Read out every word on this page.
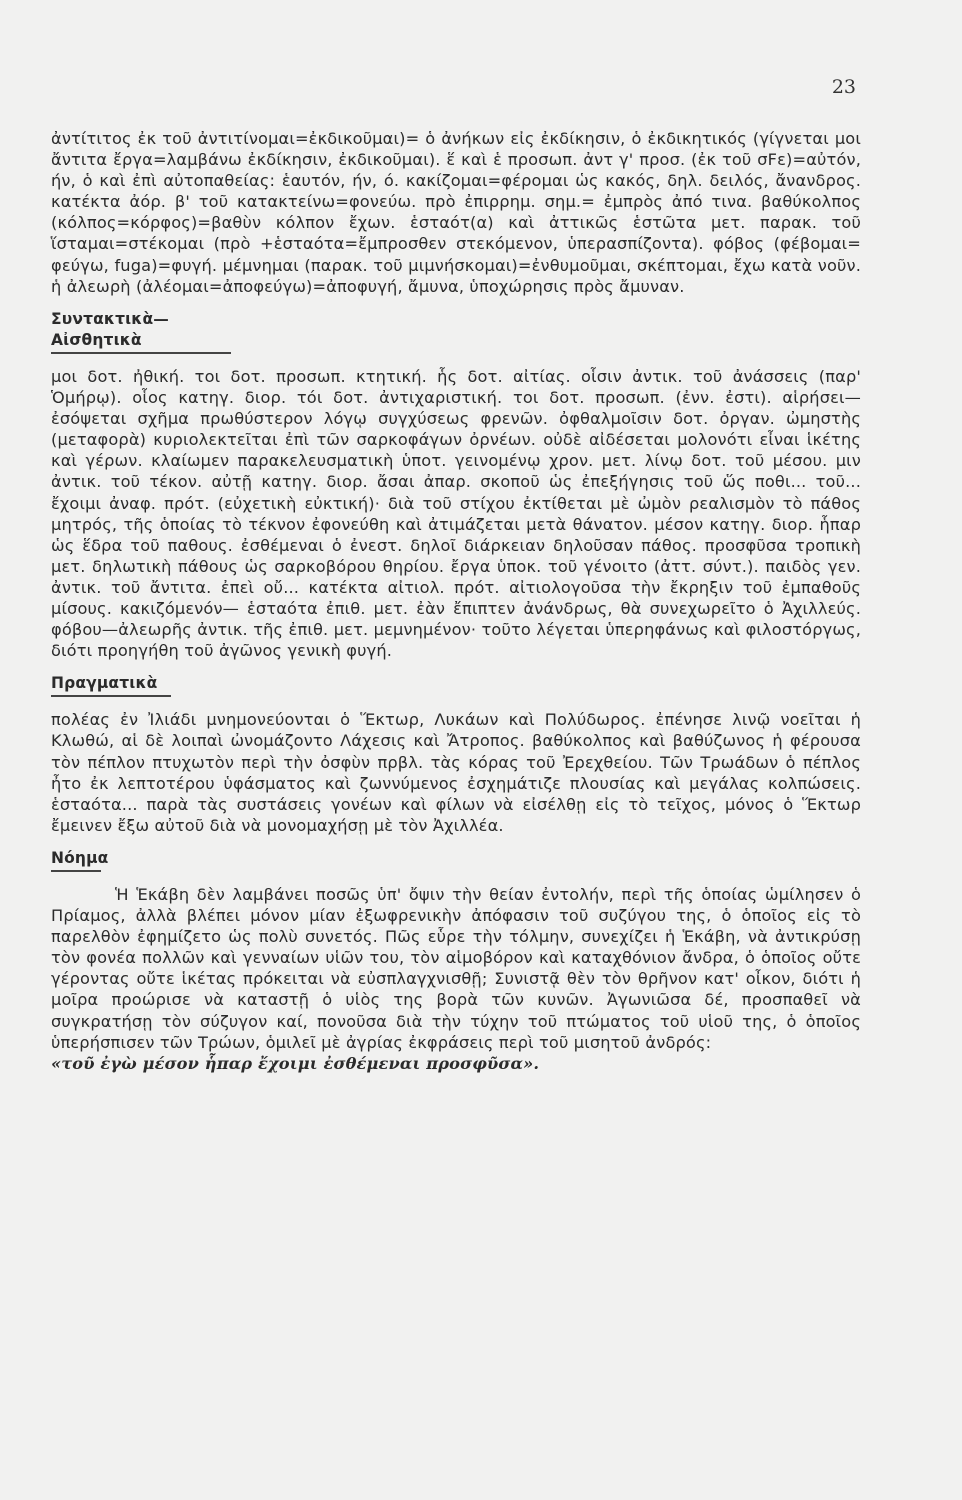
23

ἀντίτιτος ἐκ τοῦ ἀντιτίνομαι=ἐκδικοῦμαι)= ὁ ἀνήκων εἰς ἐκδίκησιν, ὁ ἐκδικητικός (γίγνεται μοι ἄντιτα ἔργα=λαμβάνω ἐκδίκησιν, ἐκδικοῦμαι). ἕ καὶ ἑ προσωπ. ἀντ γ' προσ. (ἐκ τοῦ σFε)=αὐτόν, ήν, ὁ καὶ ἐπὶ αὐτοπαθείας: ἑαυτόν, ήν, ό. κακίζομαι=φέρομαι ὡς κακός, δηλ. δειλός, ἄνανδρος. κατέκτα ἀόρ. β' τοῦ κατακτείνω=φονεύω. πρὸ ἐπιρρημ. σημ.= ἐμπρὸς ἀπό τινα. βαθύκολπος (κόλπος=κόρφος)=βαθὺν κόλπον ἔχων. ἑσταότ(α) καὶ ἀττικῶς ἑστῶτα μετ. παρακ. τοῦ ἵσταμαι=στέκομαι (πρὸ +ἑσταότα=ἔμπροσθεν στεκόμενον, ὑπερασπίζοντα). φόβος (φέβομαι= φεύγω, fuga)=φυγή. μέμνημαι (παρακ. τοῦ μιμνήσκομαι)=ἐνθυμοῦμαι, σκέπτομαι, ἔχω κατὰ νοῦν. ἡ ἀλεωρὴ (ἀλέομαι=ἀποφεύγω)=ἀποφυγή, ἄμυνα, ὑποχώρησις πρὸς ἄμυναν.

Συντακτικὰ—Αἰσθητικὰ

μοι δοτ. ἠθική. τοι δοτ. προσωπ. κτητική. ἧς δοτ. αἰτίας. οἷσιν ἀντικ. τοῦ ἀνάσσεις (παρ' Ὁμήρῳ). οἷος κατηγ. διορ. τόι δοτ. ἀντιχαριστική. τοι δοτ. προσωπ. (ἐνν. ἐστι). αἱρήσει—ἐσόψεται σχῆμα πρωθύστερον λόγῳ συγχύσεως φρενῶν. ὀφθαλμοῖσιν δοτ. ὀργαν. ὠμηστὴς (μεταφορὰ) κυριολεκτεῖται ἐπὶ τῶν σαρκοφάγων ὀρνέων. οὐδὲ αἰδέσεται μολονότι εἶναι ἱκέτης καὶ γέρων. κλαίωμεν παρακελευσματικὴ ὑποτ. γεινομένῳ χρον. μετ. λίνῳ δοτ. τοῦ μέσου. μιν ἀντικ. τοῦ τέκον. αὐτῇ κατηγ. διορ. ἄσαι ἀπαρ. σκοποῦ ὡς ἐπεξήγησις τοῦ ὥς ποθι... τοῦ... ἔχοιμι ἀναφ. πρότ. (εὐχετικὴ εὐκτική)· διὰ τοῦ στίχου ἐκτίθεται μὲ ὠμὸν ρεαλισμὸν τὸ πάθος μητρός, τῆς ὁποίας τὸ τέκνον ἐφονεύθη καὶ ἀτιμάζεται μετὰ θάνατον. μέσον κατηγ. διορ. ἧπαρ ὡς ἕδρα τοῦ παθους. ἐσθέμεναι ὁ ἐνεστ. δηλοῖ διάρκειαν δηλοῦσαν πάθος. προσφῦσα τροπικὴ μετ. δηλωτικὴ πάθους ὡς σαρκοβόρου θηρίου. ἔργα ὑποκ. τοῦ γένοιτο (ἀττ. σύντ.). παιδὸς γεν. ἀντικ. τοῦ ἄντιτα. ἐπεὶ οὔ... κατέκτα αἰτιολ. πρότ. αἰτιολογοῦσα τὴν ἔκρηξιν τοῦ ἐμπαθοῦς μίσους. κακιζόμενόν— ἑσταότα ἐπιθ. μετ. ἐὰν ἔπιπτεν ἀνάνδρως, θὰ συνεχωρεῖτο ὁ Ἀχιλλεύς. φόβου—ἀλεωρῆς ἀντικ. τῆς ἐπιθ. μετ. μεμνημένον· τοῦτο λέγεται ὑπερηφάνως καὶ φιλοστόργως, διότι προηγήθη τοῦ ἀγῶνος γενικὴ φυγή.

Πραγματικὰ

πολέας ἐν Ἰλιάδι μνημονεύονται ὁ Ἕκτωρ, Λυκάων καὶ Πολύδωρος. ἐπένησε λινῷ νοεῖται ἡ Κλωθώ, αἱ δὲ λοιπαὶ ὠνομάζοντο Λάχεσις καὶ Ἄτροπος. βαθύκολπος καὶ βαθύζωνος ἡ φέρουσα τὸν πέπλον πτυχωτὸν περὶ τὴν ὀσφὺν πρβλ. τὰς κόρας τοῦ Ἐρεχθείου. Τῶν Τρωάδων ὁ πέπλος ἦτο ἐκ λεπτοτέρου ὑφάσματος καὶ ζωννύμενος ἐσχημάτιζε πλουσίας καὶ μεγάλας κολπώσεις. ἑσταότα... παρὰ τὰς συστάσεις γονέων καὶ φίλων νὰ εἰσέλθῃ εἰς τὸ τεῖχος, μόνος ὁ Ἕκτωρ ἔμεινεν ἔξω αὐτοῦ διὰ νὰ μονομαχήσῃ μὲ τὸν Ἀχιλλέα.

Νόημα

Ἡ Ἑκάβη δὲν λαμβάνει ποσῶς ὑπ' ὄψιν τὴν θείαν ἐντολήν, περὶ τῆς ὁποίας ὡμίλησεν ὁ Πρίαμος, ἀλλὰ βλέπει μόνον μίαν ἐξωφρενικὴν ἀπόφασιν τοῦ συζύγου της, ὁ ὁποῖος εἰς τὸ παρελθὸν ἐφημίζετο ὡς πολὺ συνετός. Πῶς εὗρε τὴν τόλμην, συνεχίζει ἡ Ἑκάβη, νὰ ἀντικρύσῃ τὸν φονέα πολλῶν καὶ γενναίων υἱῶν του, τὸν αἱμοβόρον καὶ καταχθόνιον ἄνδρα, ὁ ὁποῖος οὔτε γέροντας οὔτε ἱκέτας πρόκειται νὰ εὐσπλαγχνισθῇ; Συνιστᾷ θὲν τὸν θρῆνον κατ' οἶκον, διότι ἡ μοῖρα προώρισε νὰ καταστῇ ὁ υἱὸς της βορὰ τῶν κυνῶν. Ἀγωνιῶσα δέ, προσπαθεῖ νὰ συγκρατήσῃ τὸν σύζυγον καί, πονοῦσα διὰ τὴν τύχην τοῦ πτώματος τοῦ υἱοῦ της, ὁ ὁποῖος ὑπερήσπισεν τῶν Τρώων, ὁμιλεῖ μὲ ἀγρίας ἐκφράσεις περὶ τοῦ μισητοῦ ἀνδρός:

«τοῦ ἐγὼ μέσον ἧπαρ ἔχοιμι ἐσθέμεναι προσφῦσα».
